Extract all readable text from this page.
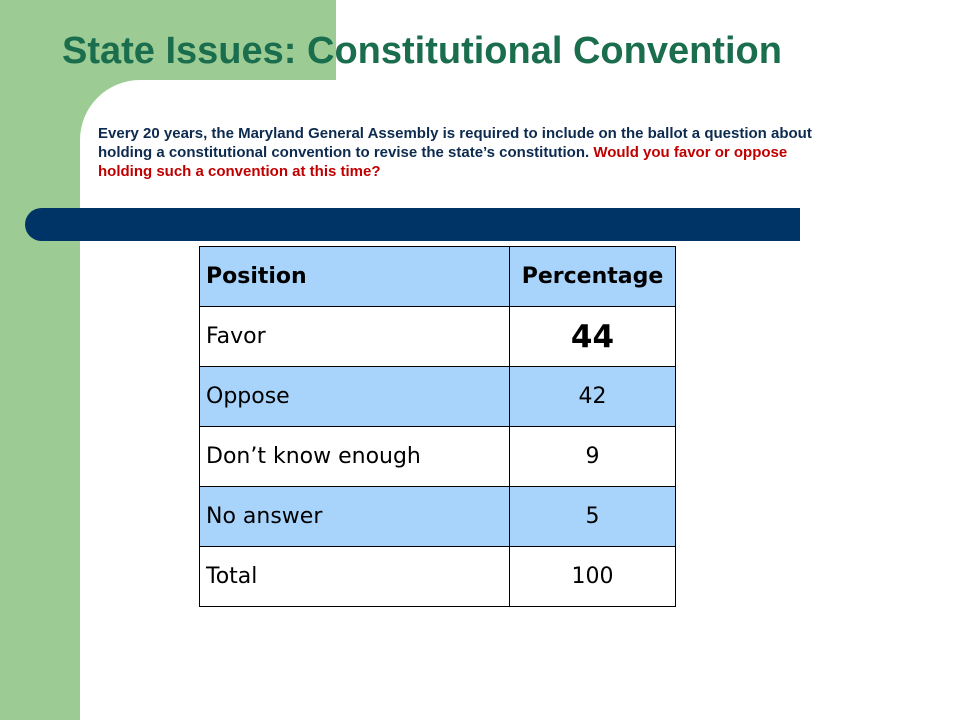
State Issues: Constitutional Convention

Every 20 years, the Maryland General Assembly is required to include on the ballot a question about holding a constitutional convention to revise the state’s constitution. Would you favor or oppose holding such a convention at this time?

Position	Percentage
Favor	44
Oppose	42
Don’t know enough	9
No answer	5
Total	100
